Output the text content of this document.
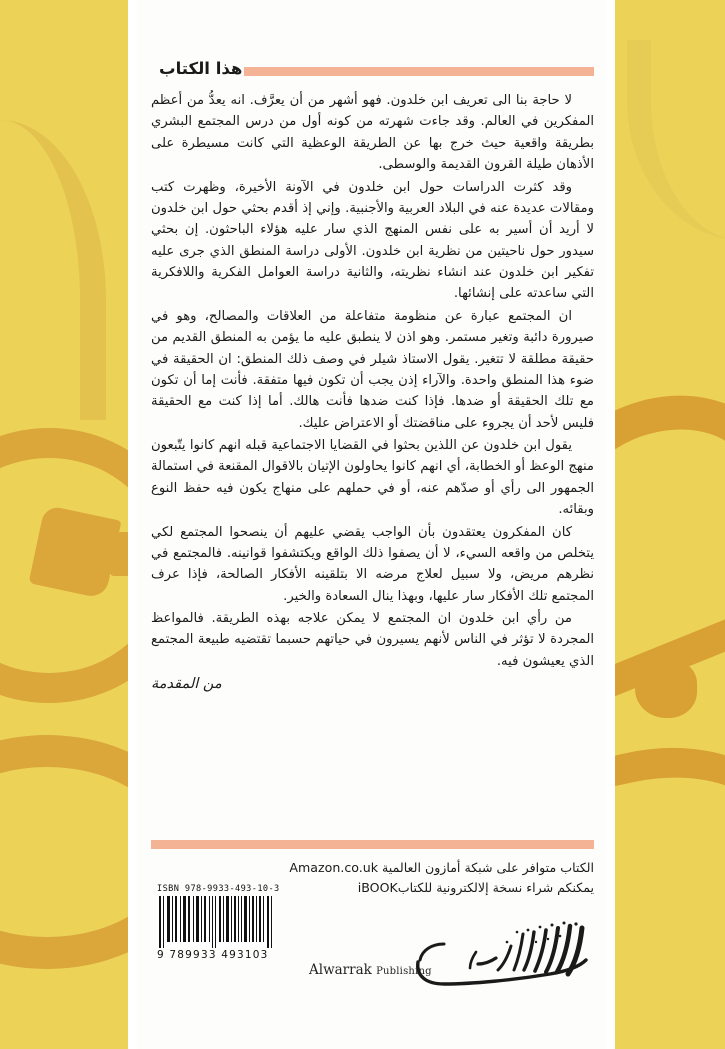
هذا الكتاب

لا حاجة بنا الى تعريف ابن خلدون. فهو أشهر من أن يعرَّف. انه يعدُّ من أعظم المفكرين في العالم. وقد جاءت شهرته من كونه أول من درس المجتمع البشري بطريقة واقعية حيث خرج بها عن الطريقة الوعظية التي كانت مسيطرة على الأذهان طيلة القرون القديمة والوسطى.

وقد كثرت الدراسات حول ابن خلدون في الآونة الأخيرة، وظهرت كتب ومقالات عديدة عنه في البلاد العربية والأجنبية. وإني إذ أقدم بحثي حول ابن خلدون لا أريد أن أسير به على نفس المنهج الذي سار عليه هؤلاء الباحثون. إن بحثي سيدور حول ناحيتين من نظرية ابن خلدون. الأولى دراسة المنطق الذي جرى عليه تفكير ابن خلدون عند انشاء نظريته، والثانية دراسة العوامل الفكرية واللافكرية التي ساعدته على إنشائها.

ان المجتمع عبارة عن منظومة متفاعلة من العلاقات والمصالح، وهو في صيرورة دائبة وتغير مستمر. وهو اذن لا ينطبق عليه ما يؤمن به المنطق القديم من حقيقة مطلقة لا تتغير. يقول الاستاذ شيلر في وصف ذلك المنطق: ان الحقيقة في ضوء هذا المنطق واحدة. والآراء إذن يجب أن تكون فيها متفقة. فأنت إما أن تكون مع تلك الحقيقة أو ضدها. فإذا كنت ضدها فأنت هالك. أما إذا كنت مع الحقيقة فليس لأحد أن يجروء على مناقضتك أو الاعتراض عليك.

يقول ابن خلدون عن اللذين بحثوا في القضايا الاجتماعية قبله انهم كانوا يتّبعون منهج الوعظ أو الخطابة، أي انهم كانوا يحاولون الإتيان بالاقوال المقنعة في استمالة الجمهور الى رأي أو صدّهم عنه، أو في حملهم على منهاج يكون فيه حفظ النوع وبقائه.

كان المفكرون يعتقدون بأن الواجب يقضي عليهم أن ينصحوا المجتمع لكي يتخلص من واقعه السيء، لا أن يصفوا ذلك الواقع ويكتشفوا قوانينه. فالمجتمع في نظرهم مريض، ولا سبيل لعلاج مرضه الا بتلقينه الأفكار الصالحة، فإذا عرف المجتمع تلك الأفكار سار عليها، وبهذا ينال السعادة والخير.

من رأي ابن خلدون ان المجتمع لا يمكن علاجه بهذه الطريقة. فالمواعظ المجردة لا تؤثر في الناس لأنهم يسيرون في حياتهم حسبما تقتضيه طبيعة المجتمع الذي يعيشون فيه.

من المقدمة
الكتاب متوافر على شبكة أمازون العالمية Amazon.co.uk
يمكنكم شراء نسخة إلالكترونية للكتابiBOOK
ISBN 978-9933-493-10-3
9 789933 493103
Alwarrak Publishing
